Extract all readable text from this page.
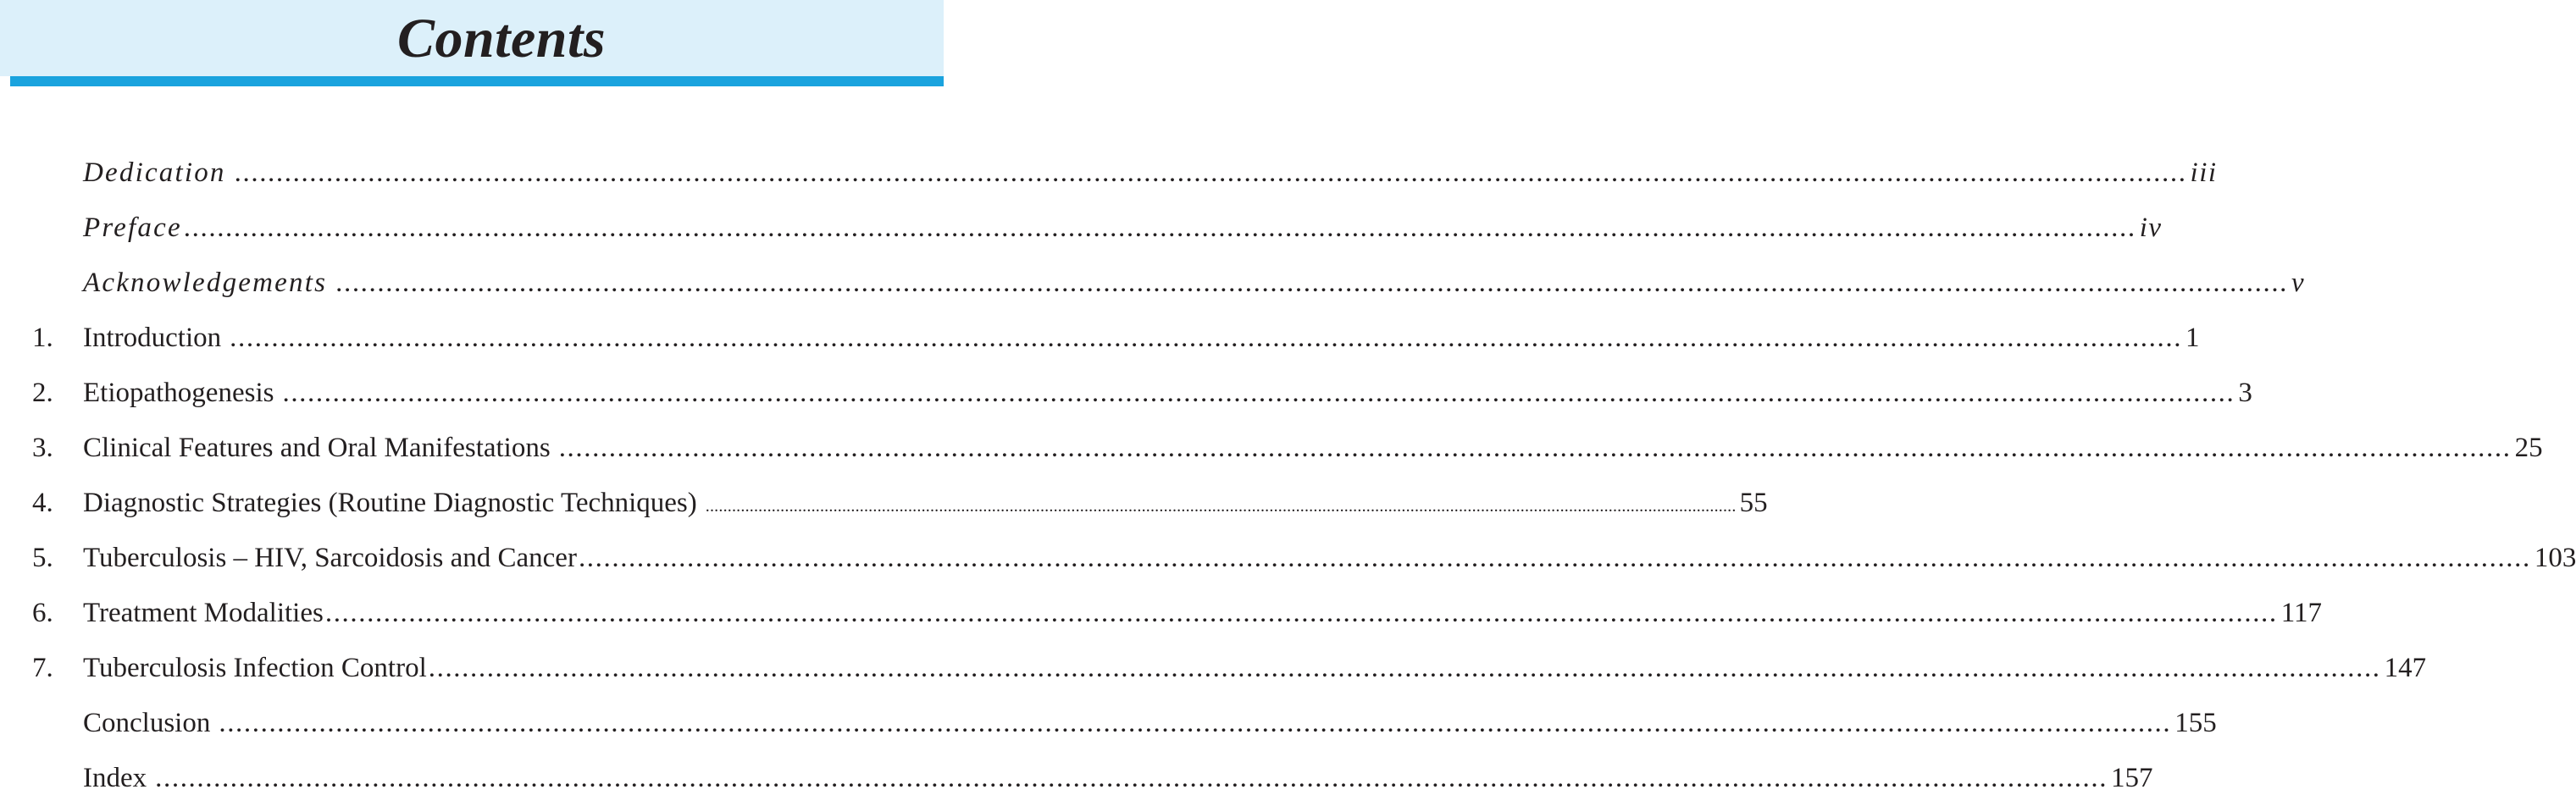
Contents
Dedication .......................................................................................................................................................................................................................................... iii
Preface .......................................................................................................................................................................................................................................... iv
Acknowledgements .......................................................................................................................................................................................................................................... v
1. Introduction .......................................................................................................................................................................................................................................... 1
2. Etiopathogenesis .......................................................................................................................................................................................................................................... 3
3. Clinical Features and Oral Manifestations .......................................................................................................................................................................................................................................... 25
4. Diagnostic Strategies (Routine Diagnostic Techniques) .......................................................................................................................................................................................................................................... 55
5. Tuberculosis – HIV, Sarcoidosis and Cancer .......................................................................................................................................................................................................................................... 103
6. Treatment Modalities .......................................................................................................................................................................................................................................... 117
7. Tuberculosis Infection Control .......................................................................................................................................................................................................................................... 147
Conclusion .......................................................................................................................................................................................................................................... 155
Index .......................................................................................................................................................................................................................................... 157
